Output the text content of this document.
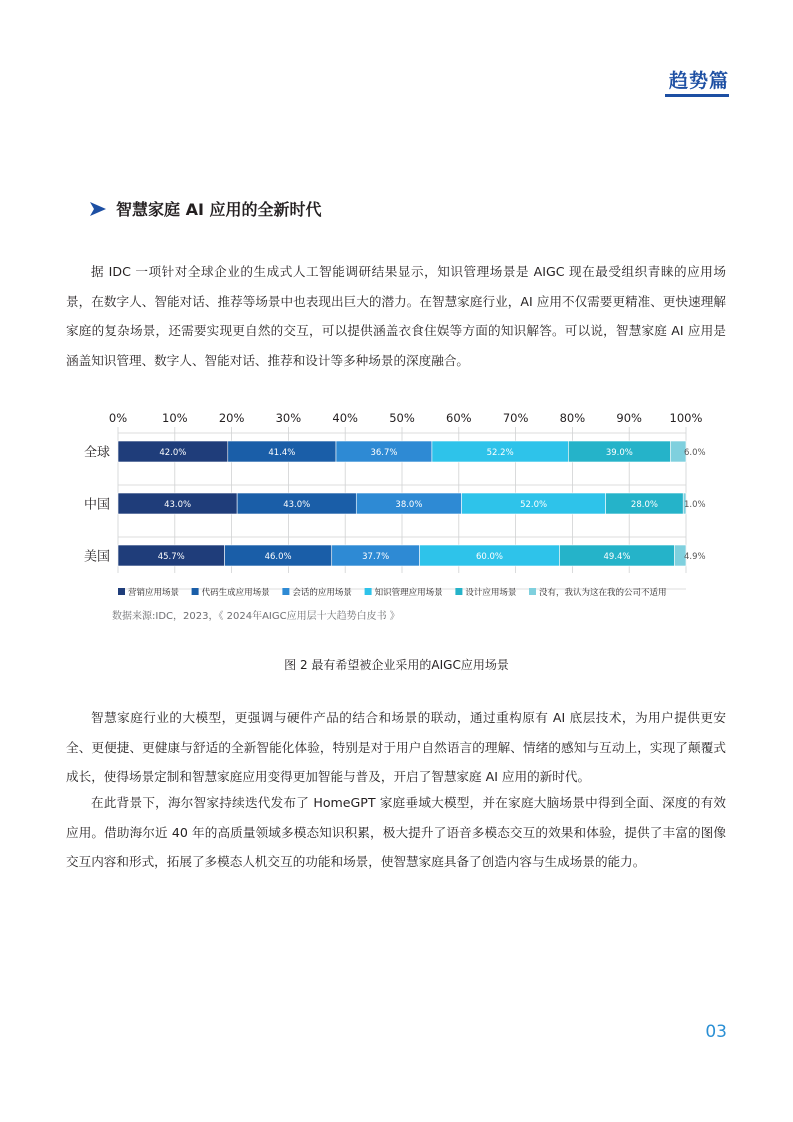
趋势篇
智慧家庭 AI 应用的全新时代
据 IDC 一项针对全球企业的生成式人工智能调研结果显示，知识管理场景是 AIGC 现在最受组织青睐的应用场景，在数字人、智能对话、推荐等场景中也表现出巨大的潜力。在智慧家庭行业，AI 应用不仅需要更精准、更快速理解家庭的复杂场景，还需要实现更自然的交互，可以提供涵盖衣食住娱等方面的知识解答。可以说，智慧家庭 AI 应用是涵盖知识管理、数字人、智能对话、推荐和设计等多种场景的深度融合。
0%	10%	20%	30%	40%	50%	60%	70%	80%	90% 100%
全球	42.0%	41.4%	36.7%	52.2%	39.0%	6.0%
中国	43.0%	43.0%	38.0%	52.0%	28.0%	1.0%
美国	45.7%	46.0%	37.7%	60.0%	49.4%	4.9%
营销应用场景	代码生成应用场景	会话的应用场景	知识管理应用场景	设计应用场景	没有，我认为这在我的公司不适用
数据来源:IDC，2023，《 2024年AIGC应用层十大趋势白皮书 》
图 2 最有希望被企业采用的AIGC应用场景
智慧家庭行业的大模型，更强调与硬件产品的结合和场景的联动，通过重构原有 AI 底层技术，为用户提供更安全、更便捷、更健康与舒适的全新智能化体验，特别是对于用户自然语言的理解、情绪的感知与互动上，实现了颠覆式成长，使得场景定制和智慧家庭应用变得更加智能与普及，开启了智慧家庭 AI 应用的新时代。
在此背景下，海尔智家持续迭代发布了 HomeGPT 家庭垂域大模型，并在家庭大脑场景中得到全面、深度的有效应用。借助海尔近 40 年的高质量领域多模态知识积累，极大提升了语音多模态交互的效果和体验，提供了丰富的图像交互内容和形式，拓展了多模态人机交互的功能和场景，使智慧家庭具备了创造内容与生成场景的能力。
03
